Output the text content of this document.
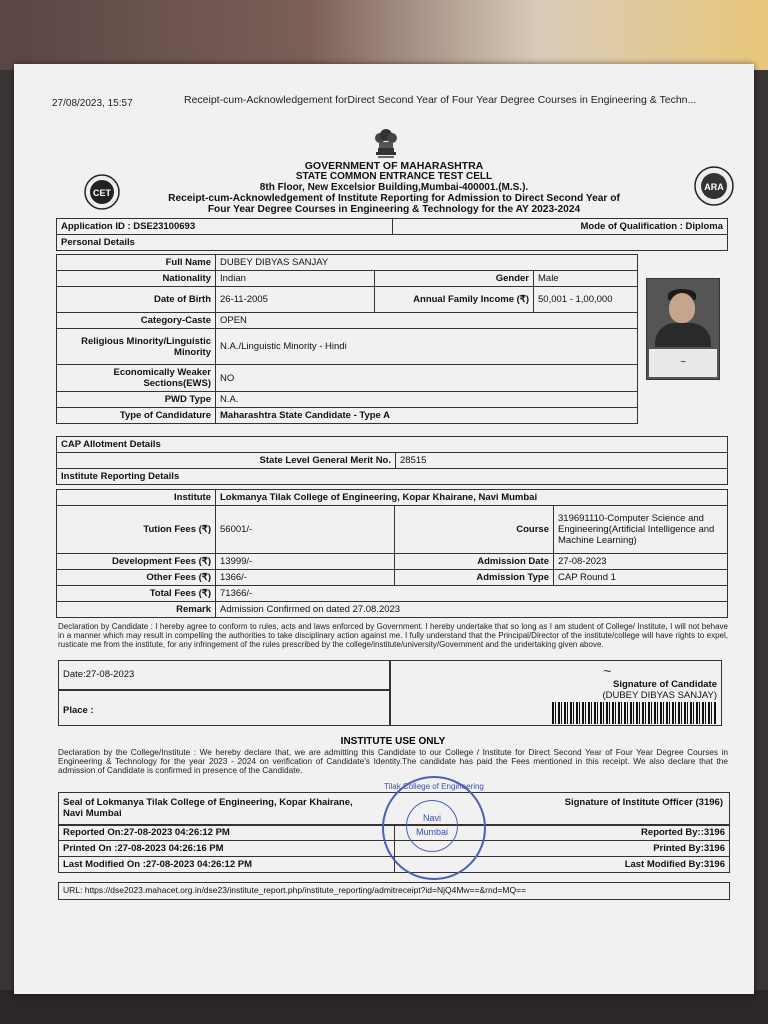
27/08/2023, 15:57	Receipt-cum-Acknowledgement forDirect Second Year of Four Year Degree Courses in Engineering & Techn...
CET
ARA
GOVERNMENT OF MAHARASHTRA
STATE COMMON ENTRANCE TEST CELL
8th Floor, New Excelsior Building,Mumbai-400001.(M.S.).
Receipt-cum-Acknowledgement of Institute Reporting for Admission to Direct Second Year of
Four Year Degree Courses in Engineering & Technology for the AY 2023-2024
Application ID : DSE23100693	Mode of Qualification : Diploma
Personal Details
Full Name	DUBEY DIBYAS SANJAY		
Nationality	Indian	Gender	Male
Date of Birth	26-11-2005	Annual Family Income (₹)	50,001 - 1,00,000
Category-Caste	OPEN		
Religious Minority/Linguistic Minority	N.A./Linguistic Minority - Hindi		
Economically Weaker Sections(EWS)	NO		
PWD Type	N.A.		
Type of Candidature	Maharashtra State Candidate - Type A		
~
CAP Allotment Details
State Level General Merit No.	28515
Institute Reporting Details
Institute	Lokmanya Tilak College of Engineering, Kopar Khairane, Navi Mumbai		
Tution Fees (₹)	56001/-	Course	319691110-Computer Science and Engineering(Artificial Intelligence and Machine Learning)
Development Fees (₹)	13999/-	Admission Date	27-08-2023
Other Fees (₹)	1366/-	Admission Type	CAP Round 1
Total Fees (₹)	71366/-		
Remark	Admission Confirmed on dated 27.08.2023		
Declaration by Candidate : I hereby agree to conform to rules, acts and laws enforced by Government. I hereby undertake that so long as I am student of College/ Institute, I will not behave in a manner which may result in compelling the authorities to take disciplinary action against me. I fully understand that the Principal/Director of the institute/college will have rights to expel, rusticate me from the institute, for any infringement of the rules prescribed by the college/institute/university/Government and the undertaking given above.
Date:27-08-2023
Place :
~
Signature of Candidate
(DUBEY DIBYAS SANJAY)
INSTITUTE USE ONLY
Declaration by the College/Institute : We hereby declare that, we are admitting this Candidate to our College / Institute for Direct Second Year of Four Year Degree Courses in Engineering & Technology for the year 2023 - 2024 on verification of Candidate's Identity.The candidate has paid the Fees mentioned in this receipt. We also declare that the admission of Candidate is confirmed in presence of the Candidate.
Seal of Lokmanya Tilak College of Engineering, Kopar Khairane, Navi Mumbai
Signature of Institute Officer (3196)
Reported On:27-08-2023 04:26:12 PM	Reported By::3196
Printed On :27-08-2023 04:26:16 PM	Printed By:3196
Last Modified On :27-08-2023 04:26:12 PM	Last Modified By:3196
URL: https://dse2023.mahacet.org.in/dse23/institute_report.php/institute_reporting/admitreceipt?id=NjQ4Mw==&rnd=MQ==
Tilak College of Engineering
Navi
Mumbai
